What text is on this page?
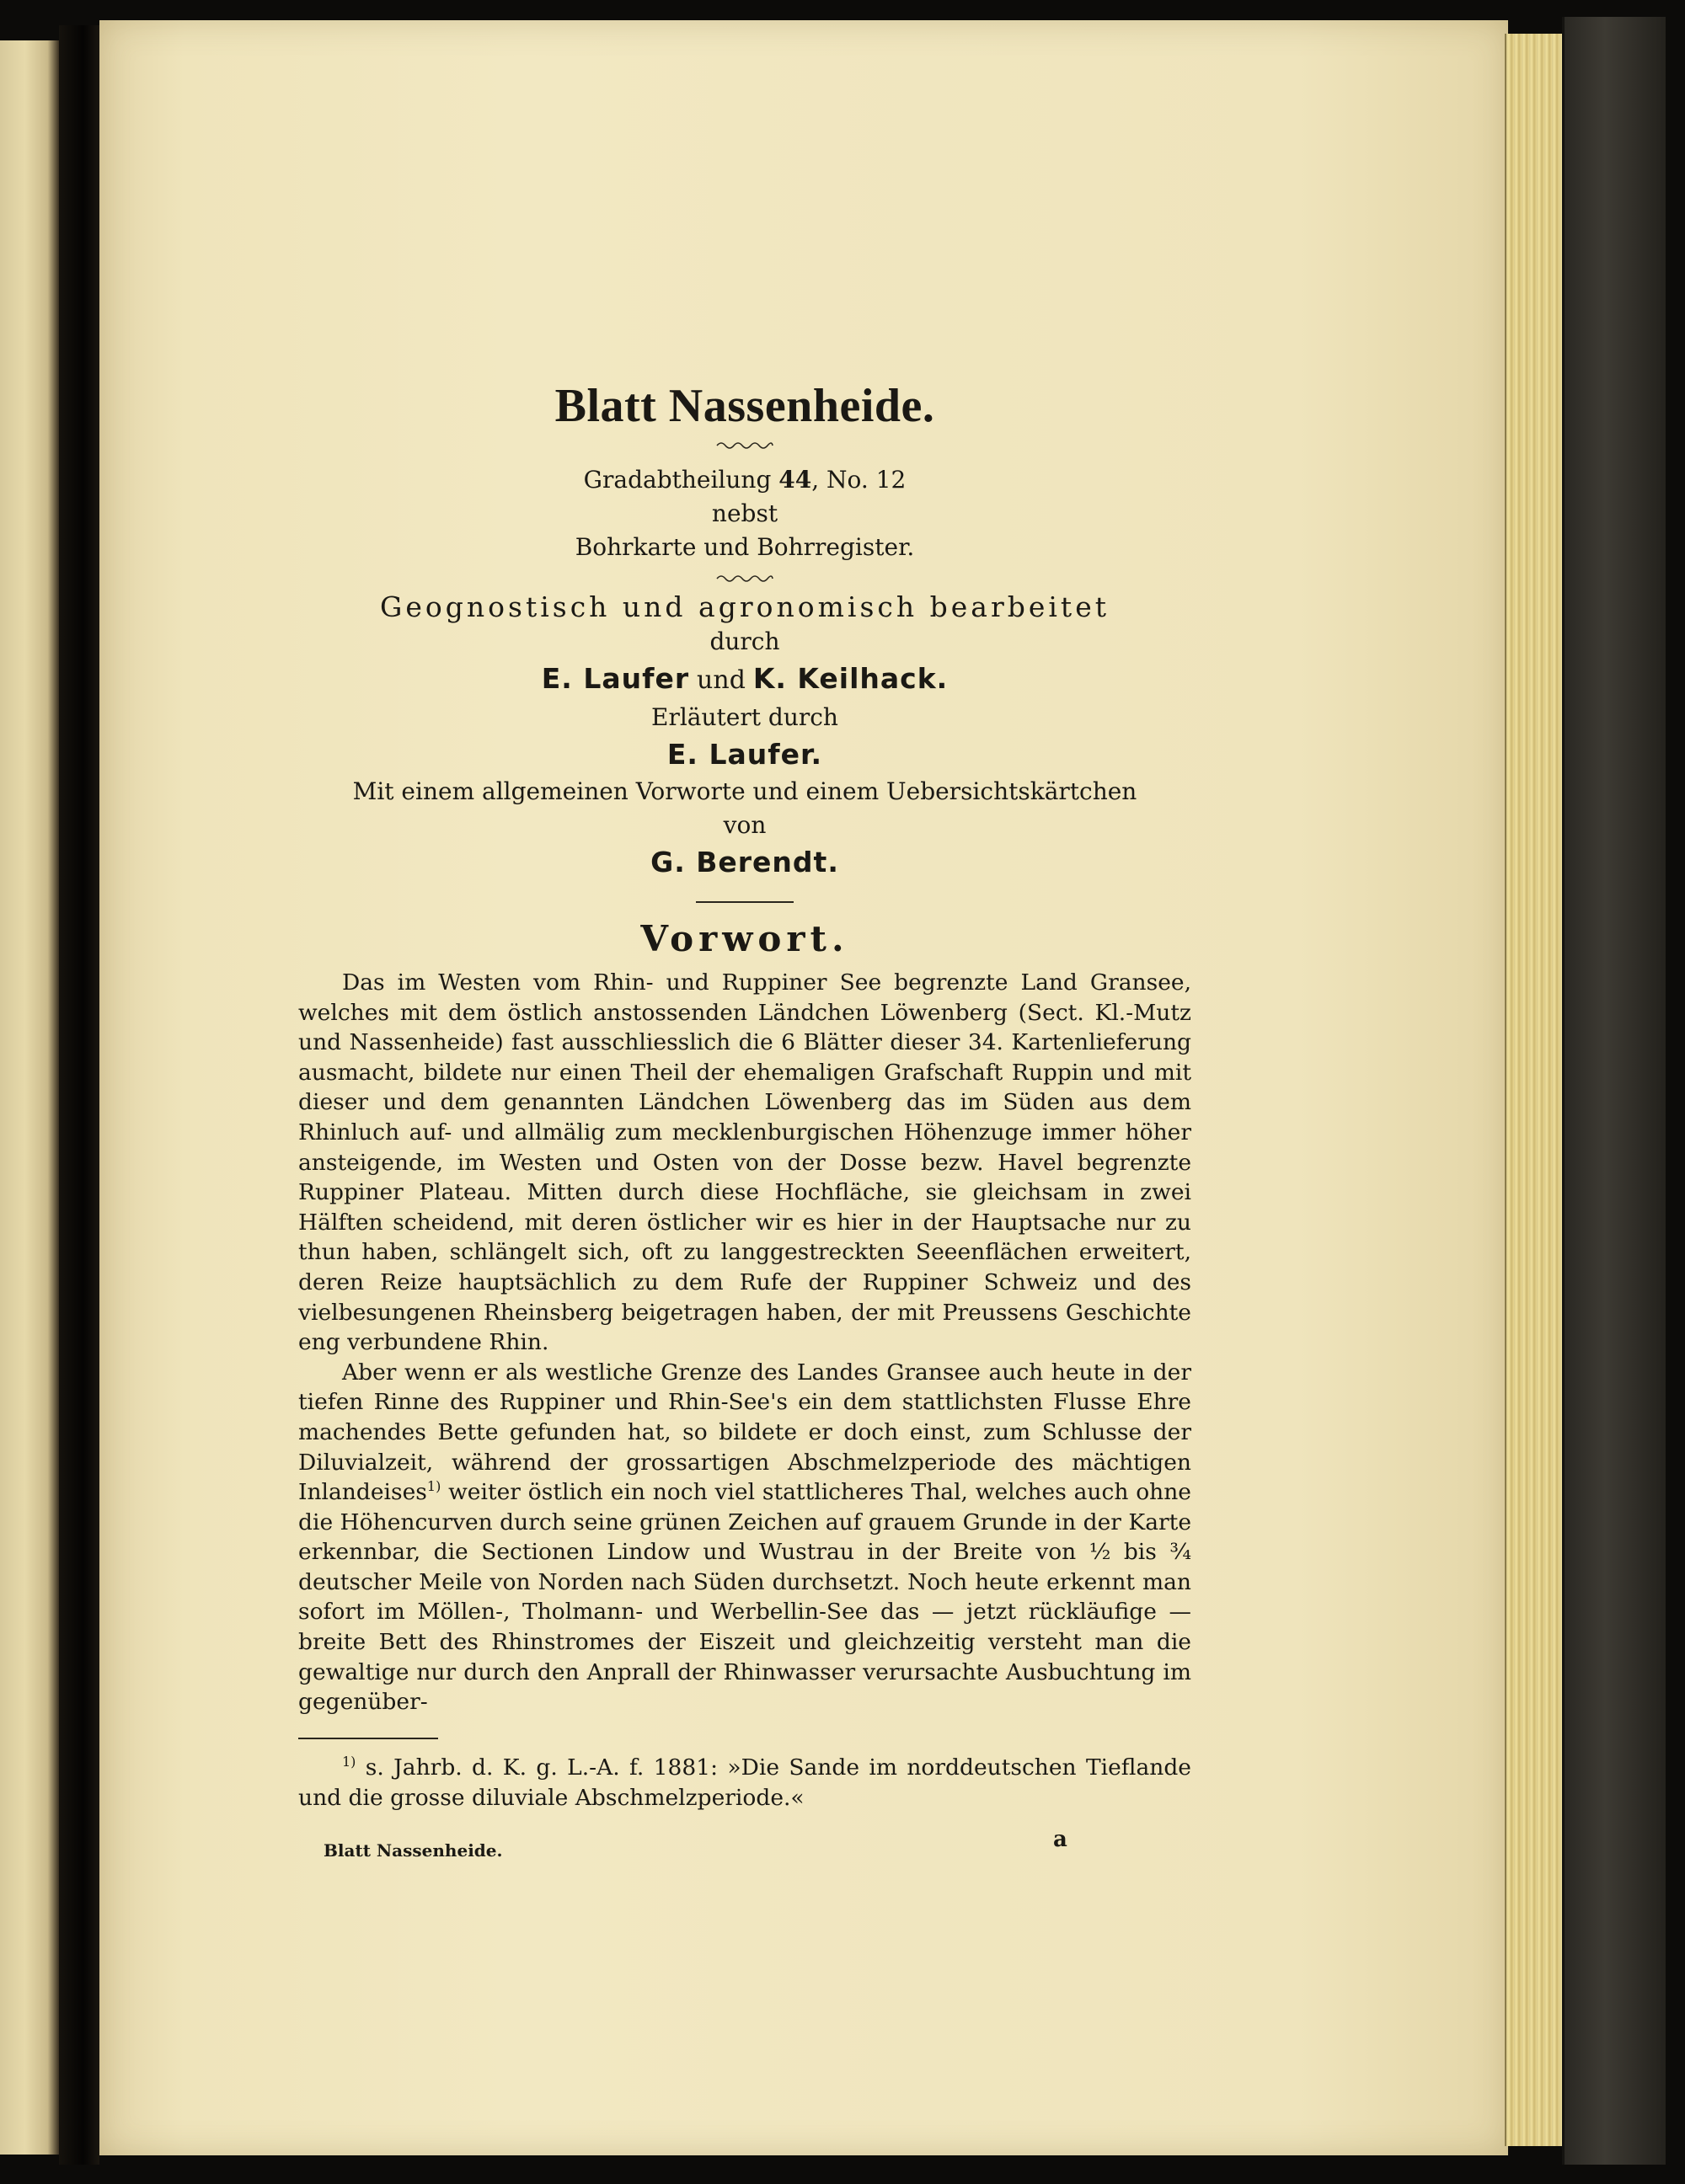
Blatt Nassenheide.

Gradabtheilung 44, No. 12

nebst

Bohrkarte und Bohrregister.

Geognostisch und agronomisch bearbeitet

durch

E. Laufer und K. Keilhack.

Erläutert durch

E. Laufer.

Mit einem allgemeinen Vorworte und einem Uebersichtskärtchen

von

G. Berendt.

Vorwort.

Das im Westen vom Rhin- und Ruppiner See begrenzte Land Gransee, welches mit dem östlich anstossenden Ländchen Löwenberg (Sect. Kl.-Mutz und Nassenheide) fast ausschliesslich die 6 Blätter dieser 34. Kartenlieferung ausmacht, bildete nur einen Theil der ehemaligen Grafschaft Ruppin und mit dieser und dem genannten Ländchen Löwenberg das im Süden aus dem Rhinluch auf- und allmälig zum mecklenburgischen Höhenzuge immer höher ansteigende, im Westen und Osten von der Dosse bezw. Havel begrenzte Ruppiner Plateau. Mitten durch diese Hochfläche, sie gleichsam in zwei Hälften scheidend, mit deren östlicher wir es hier in der Hauptsache nur zu thun haben, schlängelt sich, oft zu langgestreckten Seeenflächen erweitert, deren Reize hauptsächlich zu dem Rufe der Ruppiner Schweiz und des vielbesungenen Rheinsberg beigetragen haben, der mit Preussens Geschichte eng verbundene Rhin.

Aber wenn er als westliche Grenze des Landes Gransee auch heute in der tiefen Rinne des Ruppiner und Rhin-See's ein dem stattlichsten Flusse Ehre machendes Bette gefunden hat, so bildete er doch einst, zum Schlusse der Diluvialzeit, während der grossartigen Abschmelzperiode des mächtigen Inlandeises$^{1)}$ weiter östlich ein noch viel stattlicheres Thal, welches auch ohne die Höhencurven durch seine grünen Zeichen auf grauem Grunde in der Karte erkennbar, die Sectionen Lindow und Wustrau in der Breite von ½ bis ¾ deutscher Meile von Norden nach Süden durchsetzt. Noch heute erkennt man sofort im Möllen-, Tholmann- und Werbellin-See das — jetzt rückläufige — breite Bett des Rhinstromes der Eiszeit und gleichzeitig versteht man die gewaltige nur durch den Anprall der Rhinwasser verursachte Ausbuchtung im gegenüber-

$^{1)}$ s. Jahrb. d. K. g. L.-A. f. 1881: »Die Sande im norddeutschen Tieflande und die grosse diluviale Abschmelzperiode.«

Blatt Nassenheide.	a
